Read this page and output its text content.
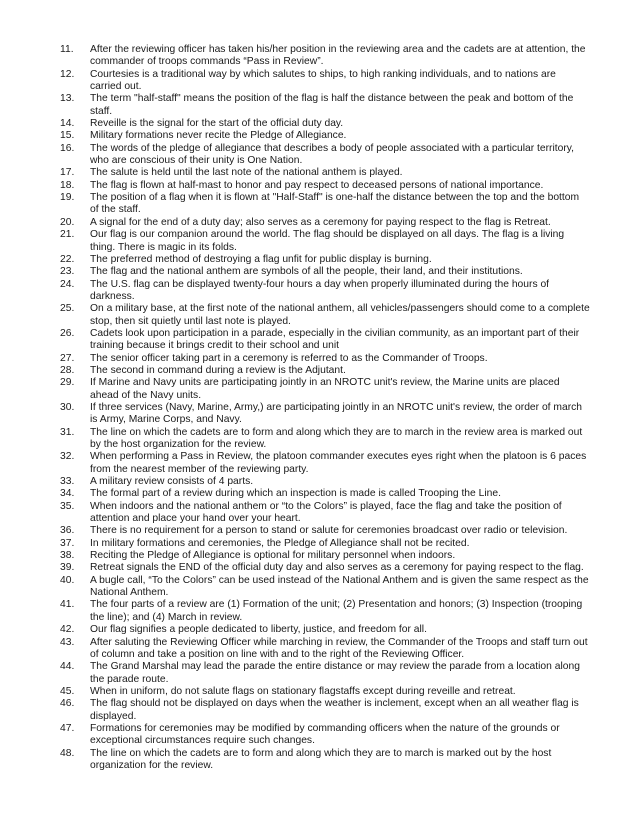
11.	After the reviewing officer has taken his/her position in the reviewing area and the cadets are at attention, the commander of troops commands “Pass in Review”.
12.	Courtesies is a traditional way by which salutes to ships, to high ranking individuals, and to nations are carried out.
13.	The term "half-staff" means the position of the flag is half the distance between the peak and bottom of the staff.
14.	Reveille is the signal for the start of the official duty day.
15.	Military formations never recite the Pledge of Allegiance.
16.	The words of the pledge of allegiance that describes a body of people associated with a particular territory, who are conscious of their unity is One Nation.
17.	The salute is held until the last note of the national anthem is played.
18.	The flag is flown at half-mast to honor and pay respect to deceased persons of national importance.
19.	The position of a flag when it is flown at "Half-Staff" is one-half the distance between the top and the bottom of the staff.
20.	A signal for the end of a duty day; also serves as a ceremony for paying respect to the flag is Retreat.
21.	Our flag is our companion around the world. The flag should be displayed on all days. The flag is a living thing. There is magic in its folds.
22.	The preferred method of destroying a flag unfit for public display is burning.
23.	The flag and the national anthem are symbols of all the people, their land, and their institutions.
24.	The U.S. flag can be displayed twenty-four hours a day when properly illuminated during the hours of darkness.
25.	On a military base, at the first note of the national anthem, all vehicles/passengers should come to a complete stop, then sit quietly until last note is played.
26.	Cadets look upon participation in a parade, especially in the civilian community, as an important part of their training because it brings credit to their school and unit
27.	The senior officer taking part in a ceremony is referred to as the Commander of Troops.
28.	The second in command during a review is the Adjutant.
29.	If Marine and Navy units are participating jointly in an NROTC unit's review, the Marine units are placed ahead of the Navy units.
30.	If three services (Navy, Marine, Army,) are participating jointly in an NROTC unit's review, the order of march is Army, Marine Corps, and Navy.
31.	The line on which the cadets are to form and along which they are to march in the review area is marked out by the host organization for the review.
32.	When performing a Pass in Review, the platoon commander executes eyes right when the platoon is 6 paces from the nearest member of the reviewing party.
33.	A military review consists of 4 parts.
34.	The formal part of a review during which an inspection is made is called Trooping the Line.
35.	When indoors and the national anthem or “to the Colors” is played, face the flag and take the position of attention and place your hand over your heart.
36.	There is no requirement for a person to stand or salute for ceremonies broadcast over radio or television.
37.	In military formations and ceremonies, the Pledge of Allegiance shall not be recited.
38.	Reciting the Pledge of Allegiance is optional for military personnel when indoors.
39.	Retreat signals the END of the official duty day and also serves as a ceremony for paying respect to the flag.
40.	A bugle call, “To the Colors” can be used instead of the National Anthem and is given the same respect as the National Anthem.
41.	The four parts of a review are (1) Formation of the unit; (2) Presentation and honors; (3) Inspection (trooping the line); and (4) March in review.
42.	Our flag signifies a people dedicated to liberty, justice, and freedom for all.
43.	After saluting the Reviewing Officer while marching in review, the Commander of the Troops and staff turn out of column and take a position on line with and to the right of the Reviewing Officer.
44.	The Grand Marshal may lead the parade the entire distance or may review the parade from a location along the parade route.
45.	When in uniform, do not salute flags on stationary flagstaffs except during reveille and retreat.
46.	The flag should not be displayed on days when the weather is inclement, except when an all weather flag is displayed.
47.	Formations for ceremonies may be modified by commanding officers when the nature of the grounds or exceptional circumstances require such changes.
48.	The line on which the cadets are to form and along which they are to march is marked out by the host organization for the review.
